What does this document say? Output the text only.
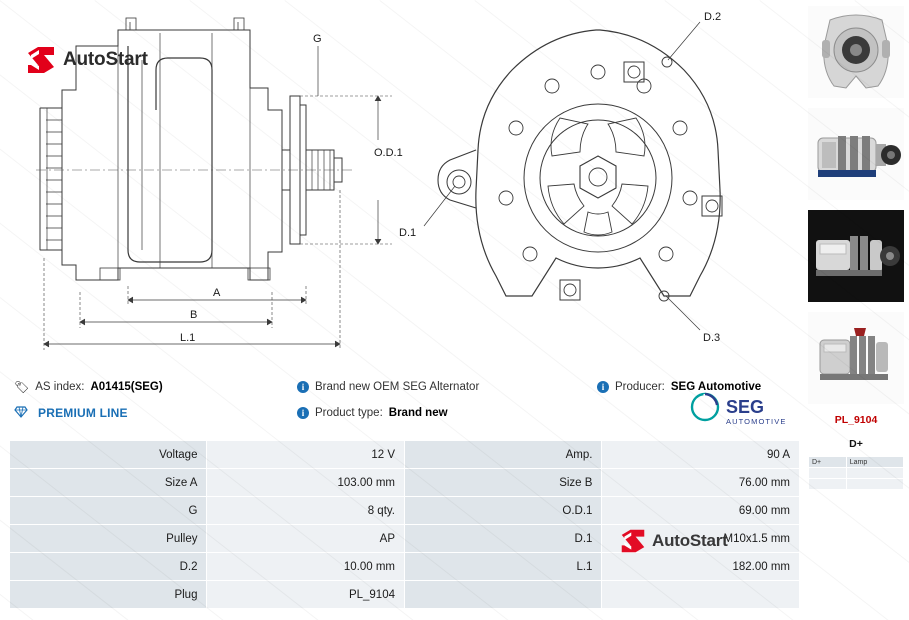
G
O.D.1
A
B
L.1
D.1
D.2
D.3
AutoStart
🏷 AS index: A01415(SEG)	i Brand new OEM SEG Alternator	i Producer: SEG Automotive
PREMIUM LINE	i Product type: Brand new	SEG
AUTOMOTIVE
Voltage	12 V	Amp.	90 A
Size A	103.00 mm	Size B	76.00 mm
G	8 qty.	O.D.1	69.00 mm
Pulley	AP	D.1	M10x1.5 mm
D.2	10.00 mm	L.1	182.00 mm
Plug	PL_9104		
AutoStart
PL_9104
D+
D+	Lamp
